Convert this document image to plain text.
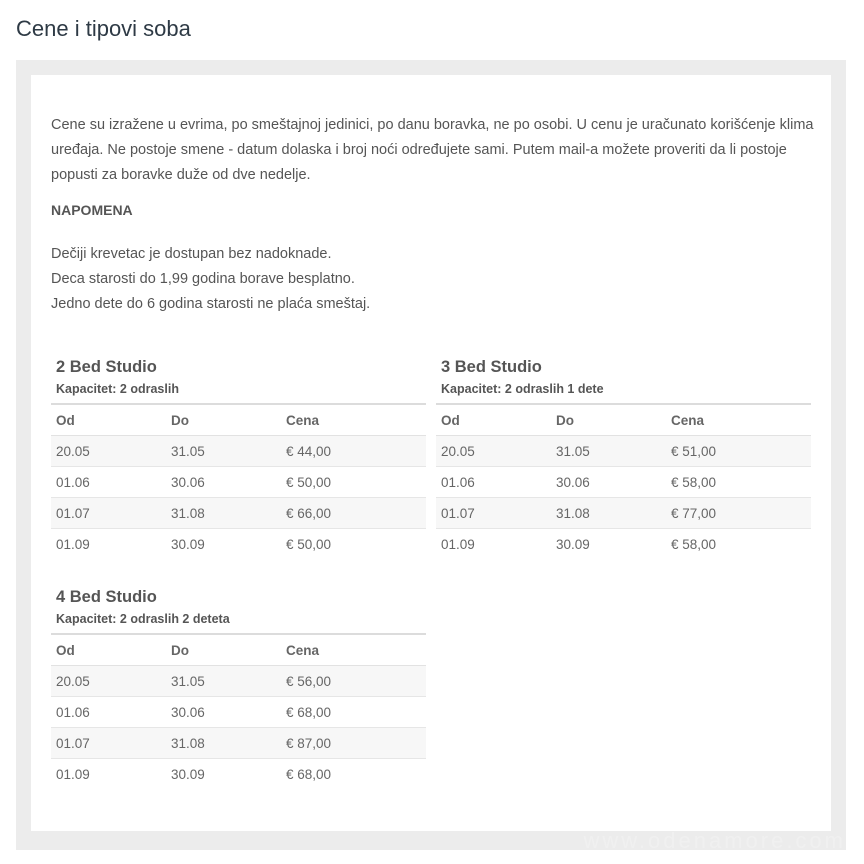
Cene i tipovi soba

Cene su izražene u evrima, po smeštajnoj jedinici, po danu boravka, ne po osobi. U cenu je uračunato korišćenje klima uređaja. Ne postoje smene - datum dolaska i broj noći određujete sami. Putem mail-a možete proveriti da li postoje popusti za boravke duže od dve nedelje.

NAPOMENA
Dečiji krevetac je dostupan bez nadoknade.
Deca starosti do 1,99 godina borave besplatno.
Jedno dete do 6 godina starosti ne plaća smeštaj.
2 Bed Studio
Kapacitet: 2 odraslih
Od	Do	Cena
20.05	31.05	€ 44,00
01.06	30.06	€ 50,00
01.07	31.08	€ 66,00
01.09	30.09	€ 50,00
3 Bed Studio
Kapacitet: 2 odraslih 1 dete
Od	Do	Cena
20.05	31.05	€ 51,00
01.06	30.06	€ 58,00
01.07	31.08	€ 77,00
01.09	30.09	€ 58,00
4 Bed Studio
Kapacitet: 2 odraslih 2 deteta
Od	Do	Cena
20.05	31.05	€ 56,00
01.06	30.06	€ 68,00
01.07	31.08	€ 87,00
01.09	30.09	€ 68,00
www.odenamore.com
